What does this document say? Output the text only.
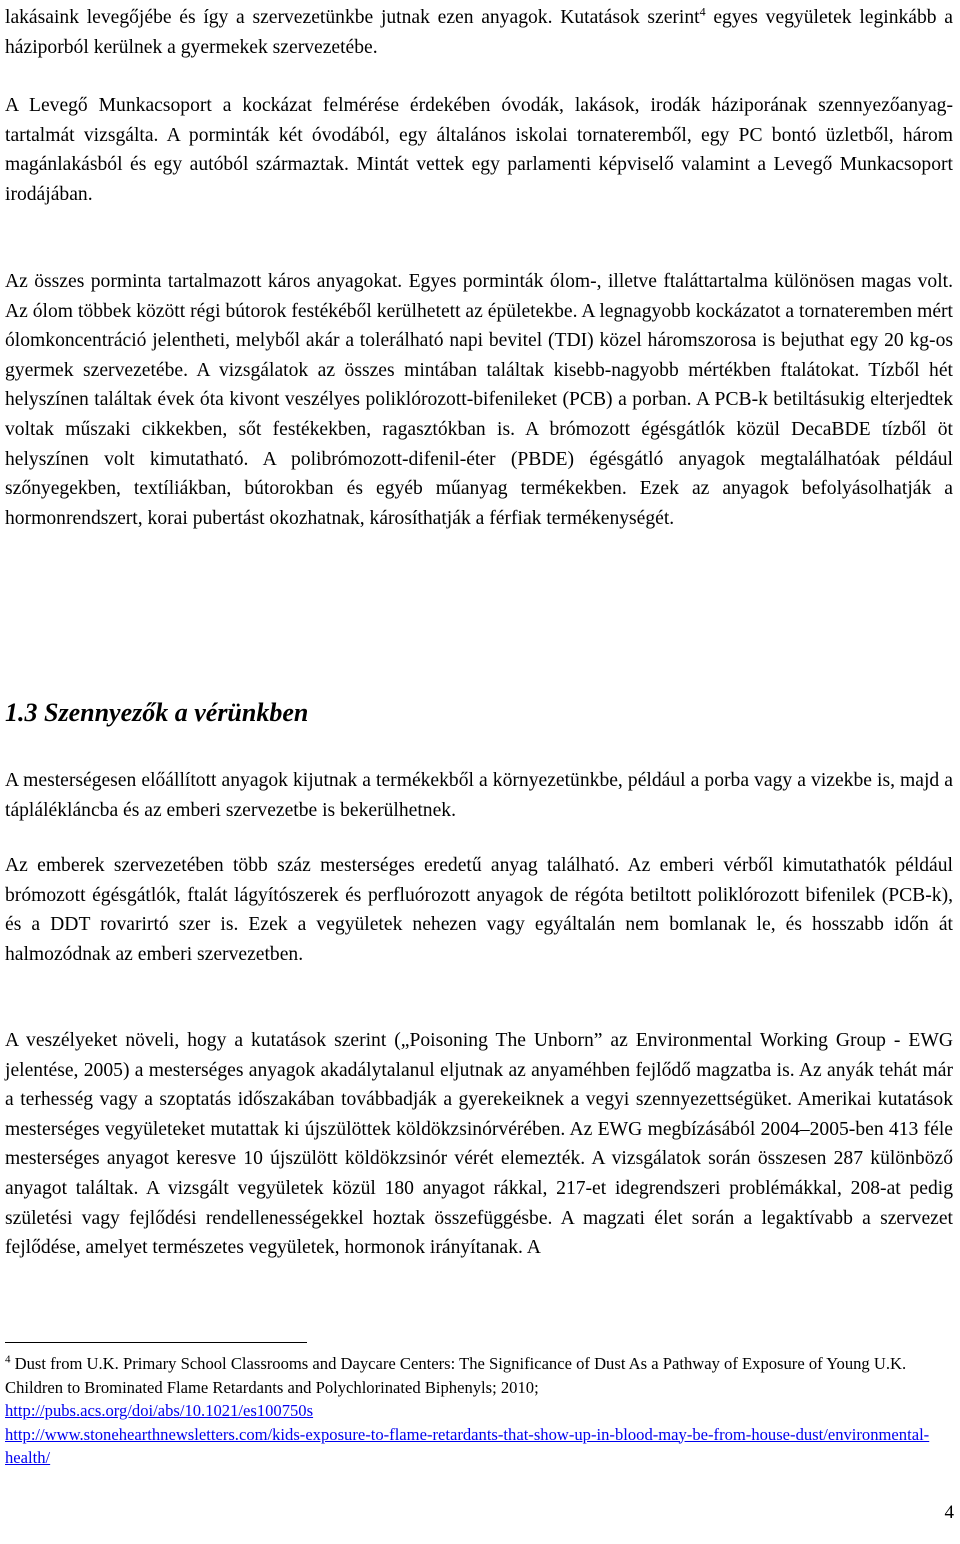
lakásaink levegőjébe és így a szervezetünkbe jutnak ezen anyagok. Kutatások szerint$^4$ egyes vegyületek leginkább a háziporból kerülnek a gyermekek szervezetébe.

A Levegő Munkacsoport a kockázat felmérése érdekében óvodák, lakások, irodák háziporának szennyezőanyag-tartalmát vizsgálta. A porminták két óvodából, egy általános iskolai tornateremből, egy PC bontó üzletből, három magánlakásból és egy autóból származtak. Mintát vettek egy parlamenti képviselő valamint a Levegő Munkacsoport irodájában.

Az összes porminta tartalmazott káros anyagokat. Egyes porminták ólom-, illetve ftaláttartalma különösen magas volt. Az ólom többek között régi bútorok festékéből kerülhetett az épületekbe. A legnagyobb kockázatot a tornateremben mért ólomkoncentráció jelentheti, melyből akár a tolerálható napi bevitel (TDI) közel háromszorosa is bejuthat egy 20 kg-os gyermek szervezetébe. A vizsgálatok az összes mintában találtak kisebb-nagyobb mértékben ftalátokat. Tízből hét helyszínen találtak évek óta kivont veszélyes poliklórozott-bifenileket (PCB) a porban. A PCB-k betiltásukig elterjedtek voltak műszaki cikkekben, sőt festékekben, ragasztókban is. A brómozott égésgátlók közül DecaBDE tízből öt helyszínen volt kimutatható. A polibrómozott-difenil-éter (PBDE) égésgátló anyagok megtalálhatóak például szőnyegekben, textíliákban, bútorokban és egyéb műanyag termékekben. Ezek az anyagok befolyásolhatják a hormonrendszert, korai pubertást okozhatnak, károsíthatják a férfiak termékenységét.

1.3 Szennyezők a vérünkben

A mesterségesen előállított anyagok kijutnak a termékekből a környezetünkbe, például a porba vagy a vizekbe is, majd a táplálékláncba és az emberi szervezetbe is bekerülhetnek.

Az emberek szervezetében több száz mesterséges eredetű anyag található. Az emberi vérből kimutathatók például brómozott égésgátlók, ftalát lágyítószerek és perfluórozott anyagok de régóta betiltott poliklórozott bifenilek (PCB-k), és a DDT rovarirtó szer is. Ezek a vegyületek nehezen vagy egyáltalán nem bomlanak le, és hosszabb időn át halmozódnak az emberi szervezetben.

A veszélyeket növeli, hogy a kutatások szerint („Poisoning The Unborn” az Environmental Working Group - EWG jelentése, 2005) a mesterséges anyagok akadálytalanul eljutnak az anyaméhben fejlődő magzatba is. Az anyák tehát már a terhesség vagy a szoptatás időszakában továbbadják a gyerekeiknek a vegyi szennyezettségüket. Amerikai kutatások mesterséges vegyületeket mutattak ki újszülöttek köldökzsinórvérében. Az EWG megbízásából 2004–2005-ben 413 féle mesterséges anyagot keresve 10 újszülött köldökzsinór vérét elemezték. A vizsgálatok során összesen 287 különböző anyagot találtak. A vizsgált vegyületek közül 180 anyagot rákkal, 217-et idegrendszeri problémákkal, 208-at pedig születési vagy fejlődési rendellenességekkel hoztak összefüggésbe. A magzati élet során a legaktívabb a szervezet fejlődése, amelyet természetes vegyületek, hormonok irányítanak. A

$^4$ Dust from U.K. Primary School Classrooms and Daycare Centers: The Significance of Dust As a Pathway of Exposure of Young U.K. Children to Brominated Flame Retardants and Polychlorinated Biphenyls; 2010;
http://pubs.acs.org/doi/abs/10.1021/es100750s
http://www.stonehearthnewsletters.com/kids-exposure-to-flame-retardants-that-show-up-in-blood-may-be-from-house-dust/environmental-health/

4
